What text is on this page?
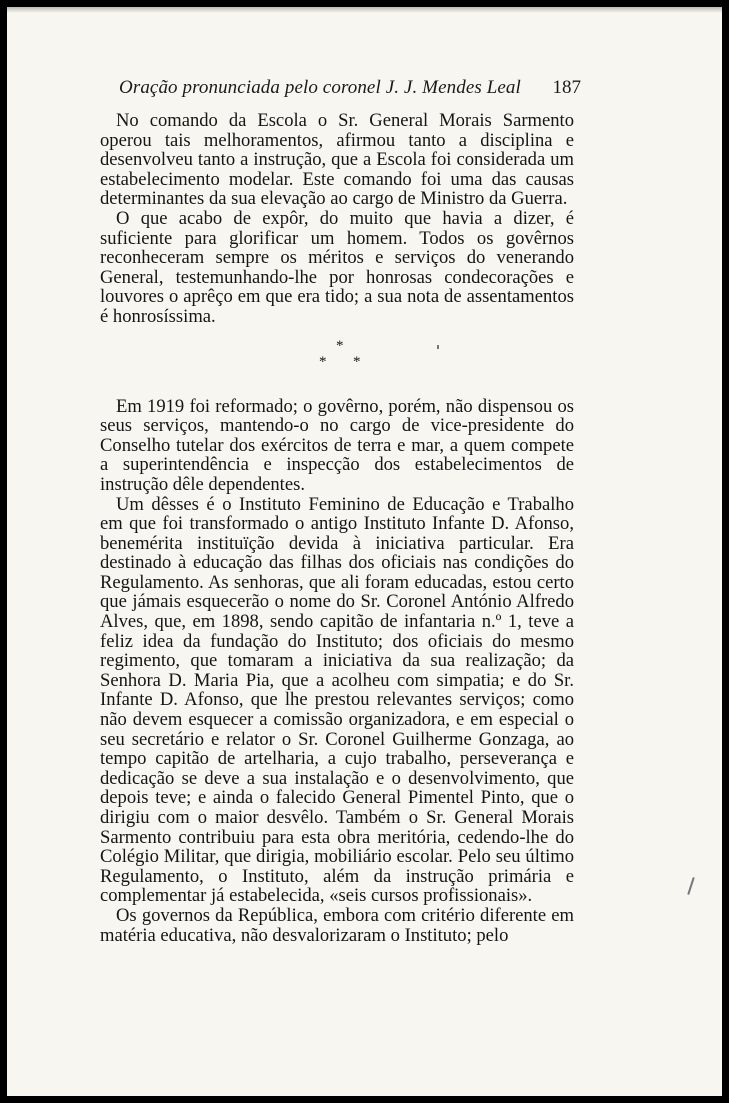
Oração pronunciada pelo coronel J. J. Mendes Leal 187

No comando da Escola o Sr. General Morais Sarmento operou tais melhoramentos, afirmou tanto a disciplina e desenvolveu tanto a instrução, que a Escola foi considerada um estabelecimento modelar. Este comando foi uma das causas determinantes da sua elevação ao cargo de Ministro da Guerra.

O que acabo de expôr, do muito que havia a dizer, é suficiente para glorificar um homem. Todos os govêrnos reconheceram sempre os méritos e serviços do venerando General, testemunhando-lhe por honrosas condecorações e louvores o aprêço em que era tido; a sua nota de assentamentos é honrosíssima.

*
* *

Em 1919 foi reformado; o govêrno, porém, não dispensou os seus serviços, mantendo-o no cargo de vice-presidente do Conselho tutelar dos exércitos de terra e mar, a quem compete a superintendência e inspecção dos estabelecimentos de instrução dêle dependentes.

Um dêsses é o Instituto Feminino de Educação e Trabalho em que foi transformado o antigo Instituto Infante D. Afonso, benemérita instituïção devida à iniciativa particular. Era destinado à educação das filhas dos oficiais nas condições do Regulamento. As senhoras, que ali foram educadas, estou certo que jámais esquecerão o nome do Sr. Coronel António Alfredo Alves, que, em 1898, sendo capitão de infantaria n.º 1, teve a feliz idea da fundação do Instituto; dos oficiais do mesmo regimento, que tomaram a iniciativa da sua realização; da Senhora D. Maria Pia, que a acolheu com simpatia; e do Sr. Infante D. Afonso, que lhe prestou relevantes serviços; como não devem esquecer a comissão organizadora, e em especial o seu secretário e relator o Sr. Coronel Guilherme Gonzaga, ao tempo capitão de artelharia, a cujo trabalho, perseverança e dedicação se deve a sua instalação e o desenvolvimento, que depois teve; e ainda o falecido General Pimentel Pinto, que o dirigiu com o maior desvêlo. Também o Sr. General Morais Sarmento contribuiu para esta obra meritória, cedendo-lhe do Colégio Militar, que dirigia, mobiliário escolar. Pelo seu último Regulamento, o Instituto, além da instrução primária e complementar já estabelecida, «seis cursos profissionais».

Os governos da República, embora com critério diferente em matéria educativa, não desvalorizaram o Instituto; pelo
